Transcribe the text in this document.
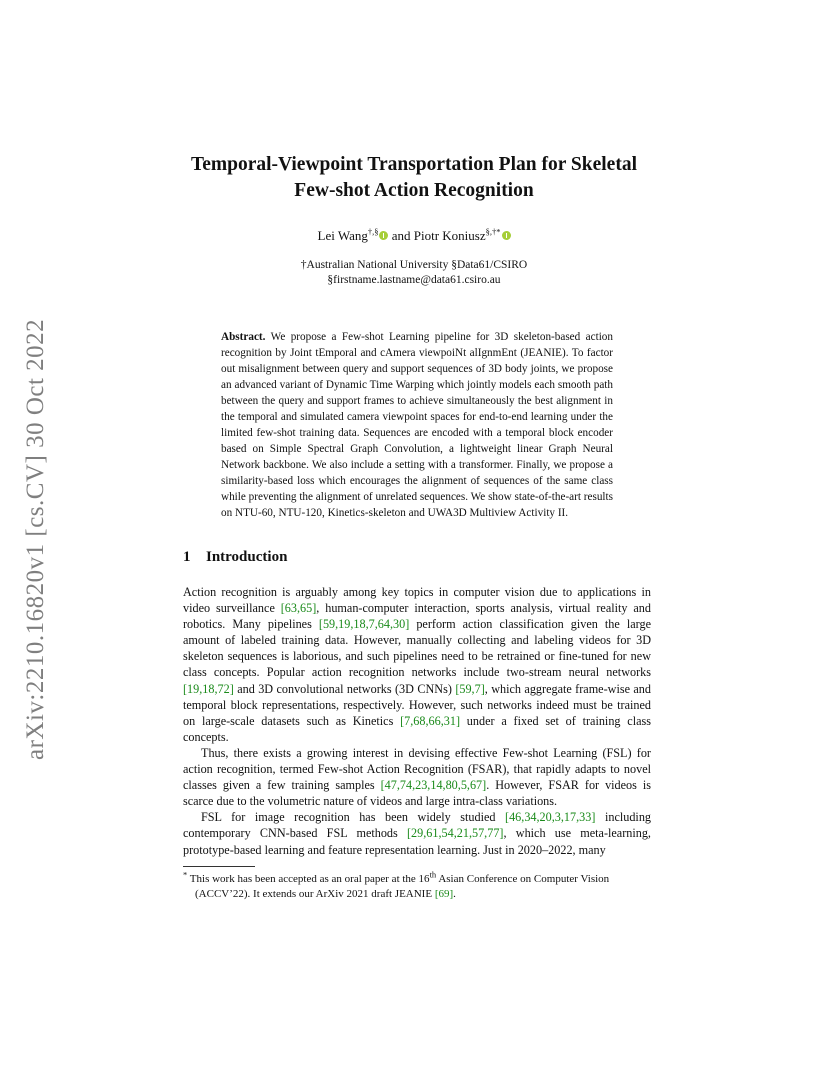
arXiv:2210.16820v1 [cs.CV] 30 Oct 2022
Temporal-Viewpoint Transportation Plan for Skeletal
Few-shot Action Recognition
Lei Wang†,§ and Piotr Koniusz§,†*
†Australian National University §Data61/CSIRO
§firstname.lastname@data61.csiro.au
Abstract. We propose a Few-shot Learning pipeline for 3D skeleton-based action recognition by Joint tEmporal and cAmera viewpoiNt alIgnmEnt (JEANIE). To factor out misalignment between query and support sequences of 3D body joints, we propose an advanced variant of Dynamic Time Warping which jointly models each smooth path between the query and support frames to achieve simultaneously the best alignment in the temporal and simulated camera viewpoint spaces for end-to-end learning under the limited few-shot training data. Sequences are encoded with a temporal block encoder based on Simple Spectral Graph Convolution, a lightweight linear Graph Neural Network backbone. We also include a setting with a transformer. Finally, we propose a similarity-based loss which encourages the alignment of sequences of the same class while preventing the alignment of unrelated sequences. We show state-of-the-art results on NTU-60, NTU-120, Kinetics-skeleton and UWA3D Multiview Activity II.
1 Introduction

Action recognition is arguably among key topics in computer vision due to applications in video surveillance [63,65], human-computer interaction, sports analysis, virtual reality and robotics. Many pipelines [59,19,18,7,64,30] perform action classification given the large amount of labeled training data. However, manually collecting and labeling videos for 3D skeleton sequences is laborious, and such pipelines need to be retrained or fine-tuned for new class concepts. Popular action recognition networks include two-stream neural networks [19,18,72] and 3D convolutional networks (3D CNNs) [59,7], which aggregate frame-wise and temporal block representations, respectively. However, such networks indeed must be trained on large-scale datasets such as Kinetics [7,68,66,31] under a fixed set of training class concepts.

Thus, there exists a growing interest in devising effective Few-shot Learning (FSL) for action recognition, termed Few-shot Action Recognition (FSAR), that rapidly adapts to novel classes given a few training samples [47,74,23,14,80,5,67]. However, FSAR for videos is scarce due to the volumetric nature of videos and large intra-class variations.

FSL for image recognition has been widely studied [46,34,20,3,17,33] including contemporary CNN-based FSL methods [29,61,54,21,57,77], which use meta-learning, prototype-based learning and feature representation learning. Just in 2020–2022, many

* This work has been accepted as an oral paper at the 16th Asian Conference on Computer Vision (ACCV’22). It extends our ArXiv 2021 draft JEANIE [69].
